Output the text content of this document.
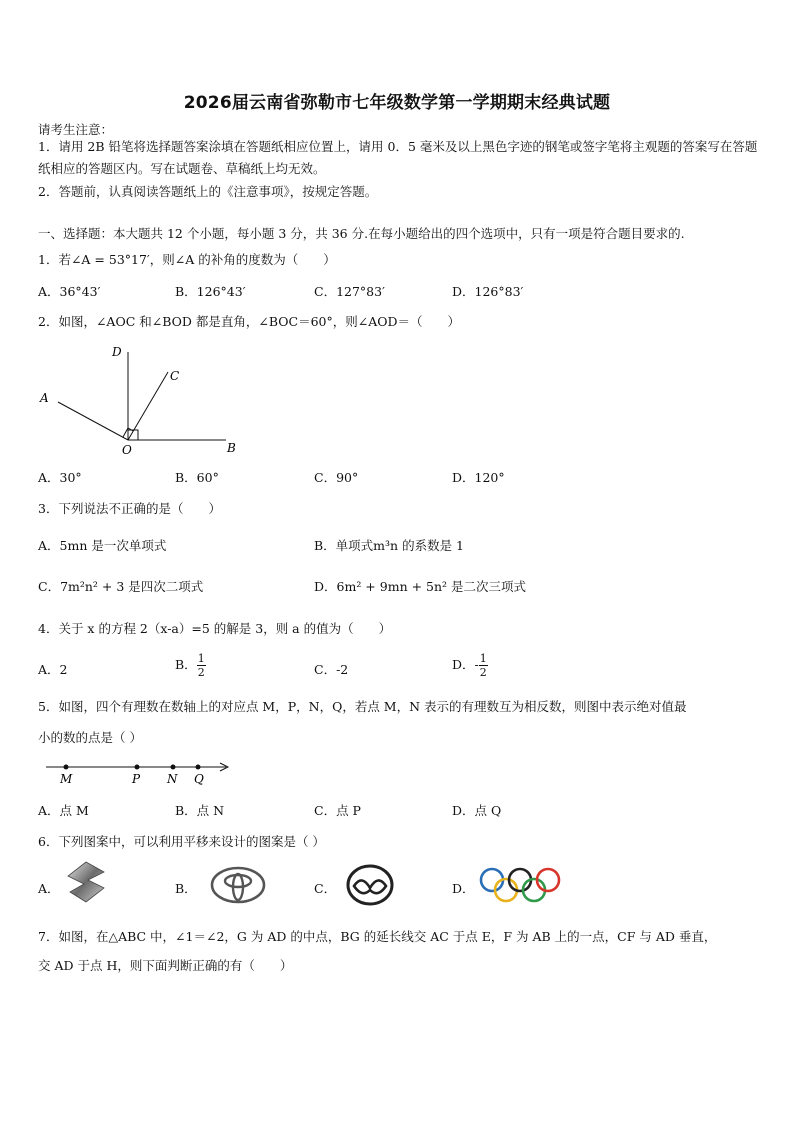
2026届云南省弥勒市七年级数学第一学期期末经典试题
请考生注意：
1．请用 2B 铅笔将选择题答案涂填在答题纸相应位置上，请用 0．5 毫米及以上黑色字迹的钢笔或签字笔将主观题的答案写在答题纸相应的答题区内。写在试题卷、草稿纸上均无效。
2．答题前，认真阅读答题纸上的《注意事项》，按规定答题。
一、选择题：本大题共 12 个小题，每小题 3 分，共 36 分.在每小题给出的四个选项中，只有一项是符合题目要求的.
1．若∠A = 53°17′，则∠A 的补角的度数为（　　）
A．36°43′	B．126°43′	C．127°83′	D．126°83′
2．如图，∠AOC 和∠BOD 都是直角，∠BOC＝60°，则∠AOD＝（　　）
D
C
A
O	B
A．30°	B．60°	C．90°	D．120°
3．下列说法不正确的是（　　）
A．5mn 是一次单项式	B．单项式m³n 的系数是 1
C．7m²n² + 3 是四次二项式	D．6m² + 9mn + 5n² 是二次三项式
4．关于 x 的方程 2（x-a）=5 的解是 3，则 a 的值为（　　）
A．2	B． $\frac{1}{2}$	C．-2	D．- $\frac{1}{2}$
5．如图，四个有理数在数轴上的对应点 M，P，N，Q，若点 M，N 表示的有理数互为相反数，则图中表示绝对值最
小的数的点是（ ）
M	P N Q
A．点 M	B．点 N	C．点 P	D．点 Q
6．下列图案中，可以利用平移来设计的图案是（ ）
A．	B．	C．	D．
7．如图，在△ABC 中，∠1＝∠2，G 为 AD 的中点，BG 的延长线交 AC 于点 E，F 为 AB 上的一点，CF 与 AD 垂直，
交 AD 于点 H，则下面判断正确的有（　　）
